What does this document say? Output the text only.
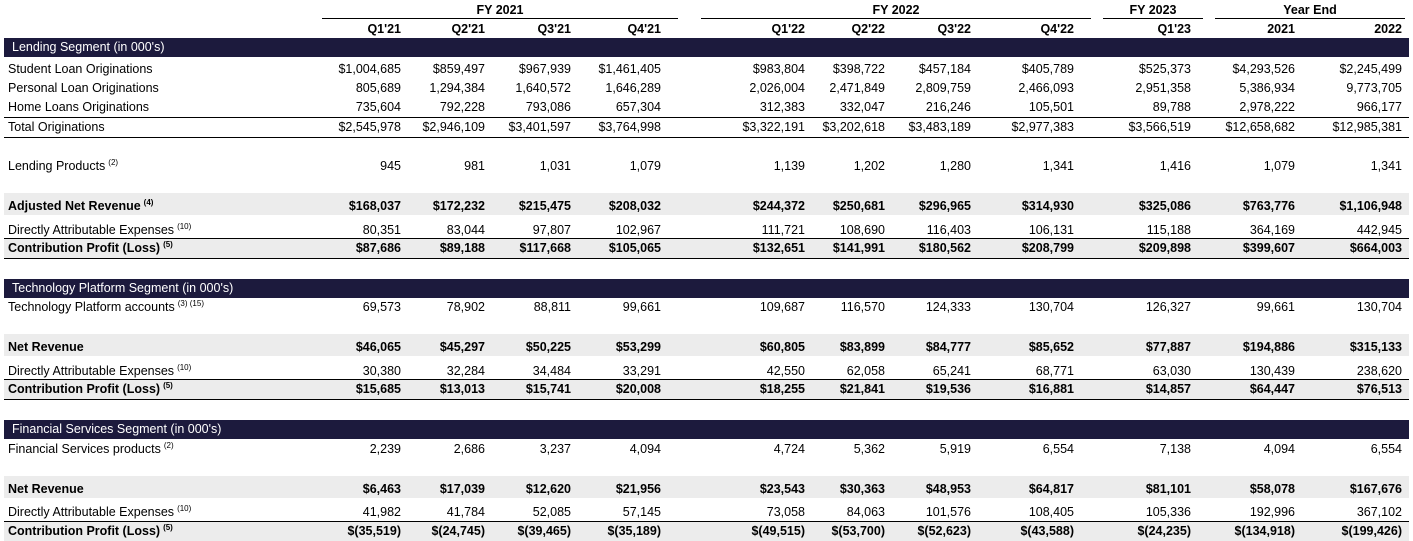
Lending Segment (in 000's)
Technology Platform Segment (in 000's)
Financial Services Segment (in 000's)
FY 2021	FY 2022	FY 2023	Year End
Q1'21	Q2'21	Q3'21	Q4'21	Q1'22	Q2'22	Q3'22	Q4'22	Q1'23	2021	2022
Student Loan Originations	$1,004,685	$859,497	$967,939	$1,461,405	$983,804	$398,722	$457,184	$405,789	$525,373	$4,293,526	$2,245,499
Personal Loan Originations	805,689	1,294,384	1,640,572	1,646,289	2,026,004	2,471,849	2,809,759	2,466,093	2,951,358	5,386,934	9,773,705
Home Loans Originations	735,604	792,228	793,086	657,304	312,383	332,047	216,246	105,501	89,788	2,978,222	966,177
Total Originations	$2,545,978	$2,946,109	$3,401,597	$3,764,998	$3,322,191	$3,202,618	$3,483,189	$2,977,383	$3,566,519	$12,658,682	$12,985,381
Lending Products $^{(2)}$	945	981	1,031	1,079	1,139	1,202	1,280	1,341	1,416	1,079	1,341
Adjusted Net Revenue $^{(4)}$	$168,037	$172,232	$215,475	$208,032	$244,372	$250,681	$296,965	$314,930	$325,086	$763,776	$1,106,948
Directly Attributable Expenses $^{(10)}$	80,351	83,044	97,807	102,967	111,721	108,690	116,403	106,131	115,188	364,169	442,945
Contribution Profit (Loss) $^{(5)}$	$87,686	$89,188	$117,668	$105,065	$132,651	$141,991	$180,562	$208,799	$209,898	$399,607	$664,003
Technology Platform accounts $^{(3) (15)}$	69,573	78,902	88,811	99,661	109,687	116,570	124,333	130,704	126,327	99,661	130,704
Net Revenue	$46,065	$45,297	$50,225	$53,299	$60,805	$83,899	$84,777	$85,652	$77,887	$194,886	$315,133
Directly Attributable Expenses $^{(10)}$	30,380	32,284	34,484	33,291	42,550	62,058	65,241	68,771	63,030	130,439	238,620
Contribution Profit (Loss) $^{(5)}$	$15,685	$13,013	$15,741	$20,008	$18,255	$21,841	$19,536	$16,881	$14,857	$64,447	$76,513
Financial Services products $^{(2)}$	2,239	2,686	3,237	4,094	4,724	5,362	5,919	6,554	7,138	4,094	6,554
Net Revenue	$6,463	$17,039	$12,620	$21,956	$23,543	$30,363	$48,953	$64,817	$81,101	$58,078	$167,676
Directly Attributable Expenses $^{(10)}$	41,982	41,784	52,085	57,145	73,058	84,063	101,576	108,405	105,336	192,996	367,102
Contribution Profit (Loss) $^{(5)}$	$(35,519)	$(24,745)	$(39,465)	$(35,189)	$(49,515)	$(53,700)	$(52,623)	$(43,588)	$(24,235)	$(134,918)	$(199,426)
